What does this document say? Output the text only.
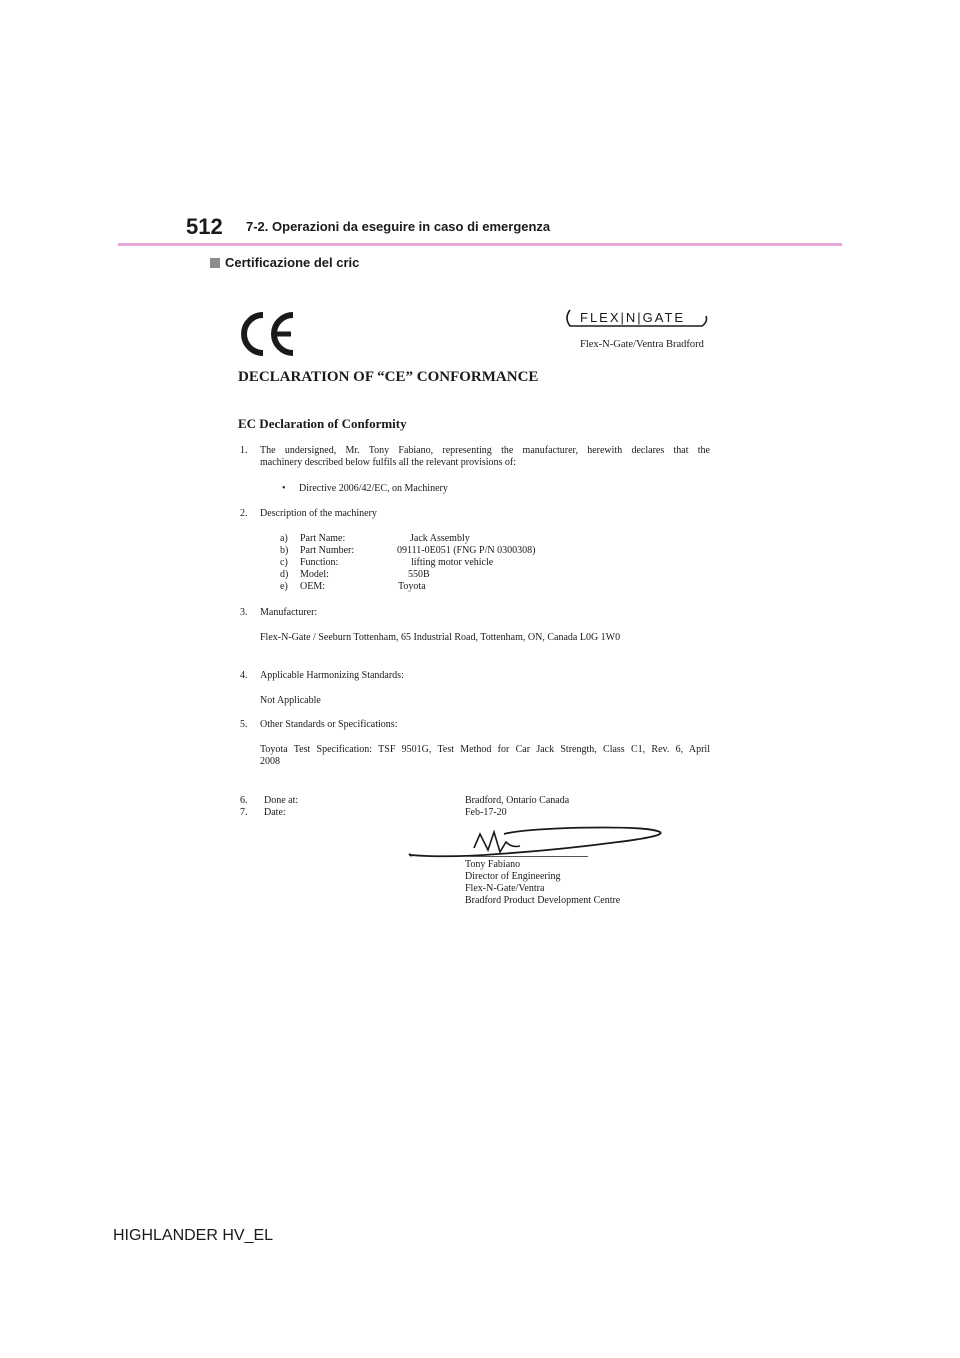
512 7-2. Operazioni da eseguire in caso di emergenza
Certificazione del cric
FLEX|N|GATE
Flex-N-Gate/Ventra Bradford
DECLARATION OF “CE” CONFORMANCE
EC Declaration of Conformity
1. The undersigned, Mr. Tony Fabiano, representing the manufacturer, herewith declares that the
machinery described below fulfils all the relevant provisions of:
• Directive 2006/42/EC, on Machinery
2. Description of the machinery
a) Part Name:	Jack Assembly
b) Part Number:	09111-0E051 (FNG P/N 0300308)
c) Function:	lifting motor vehicle
d) Model:	550B
e) OEM:	Toyota
3. Manufacturer:
Flex-N-Gate / Seeburn Tottenham, 65 Industrial Road, Tottenham, ON, Canada L0G 1W0
4. Applicable Harmonizing Standards:
Not Applicable
5. Other Standards or Specifications:
Toyota Test Specification: TSF 9501G, Test Method for Car Jack Strength, Class C1, Rev. 6, April
2008
6. Done at:	Bradford, Ontario Canada
7. Date:	Feb-17-20
Tony Fabiano
Director of Engineering
Flex-N-Gate/Ventra
Bradford Product Development Centre
HIGHLANDER HV_EL
